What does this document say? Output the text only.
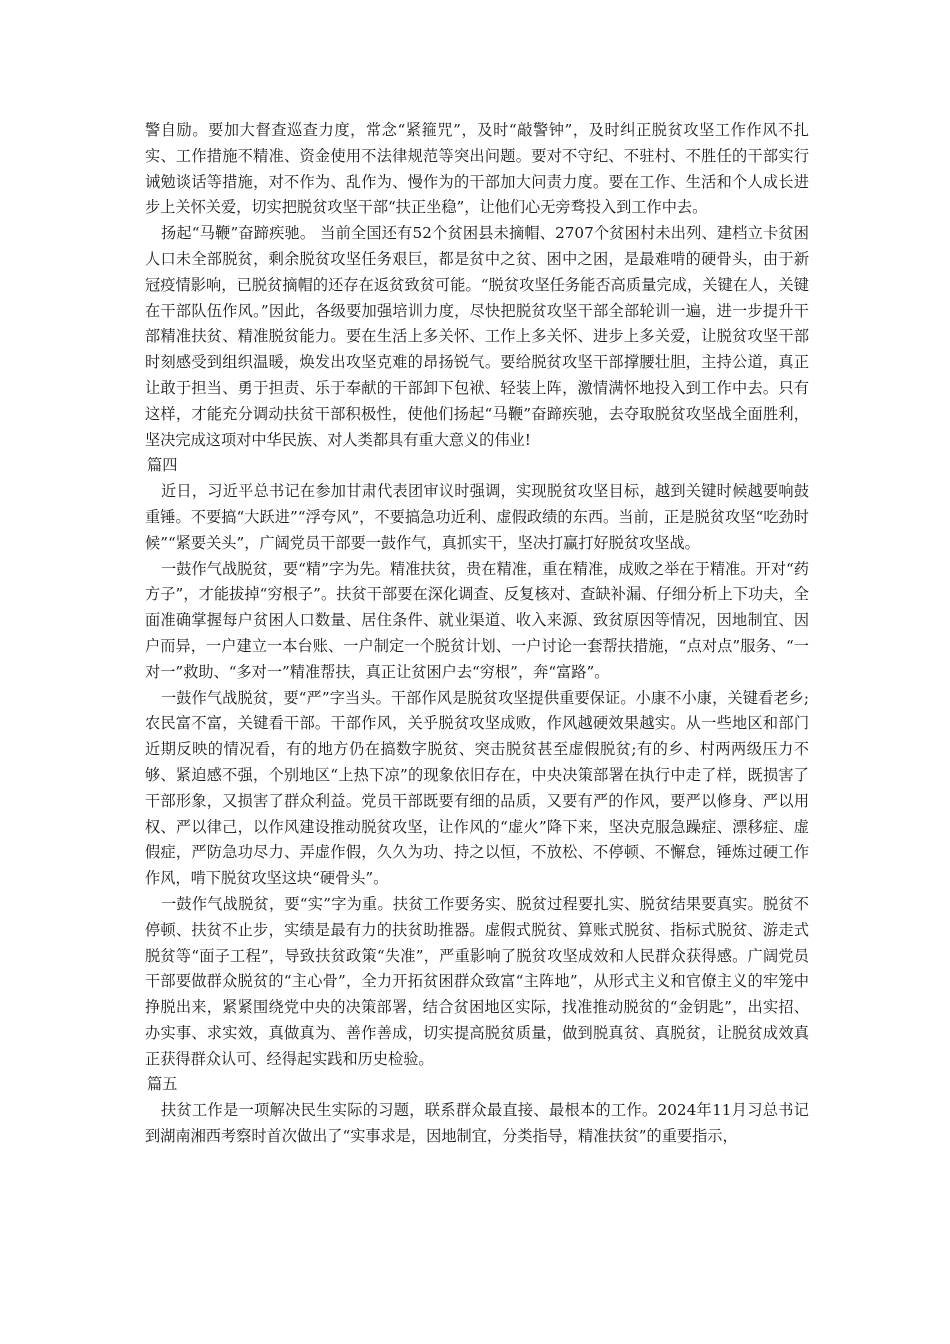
警自励。要加大督查巡查力度，常念“紧箍咒”，及时“敲警钟”，及时纠正脱贫攻坚工作作风不扎实、工作措施不精准、资金使用不法律规范等突出问题。要对不守纪、不驻村、不胜任的干部实行诫勉谈话等措施，对不作为、乱作为、慢作为的干部加大问责力度。要在工作、生活和个人成长进步上关怀关爱，切实把脱贫攻坚干部“扶正坐稳”，让他们心无旁骛投入到工作中去。

扬起“马鞭”奋蹄疾驰。 当前全国还有52个贫困县未摘帽、2707个贫困村未出列、建档立卡贫困人口未全部脱贫，剩余脱贫攻坚任务艰巨，都是贫中之贫、困中之困，是最难啃的硬骨头，由于新冠疫情影响，已脱贫摘帽的还存在返贫致贫可能。“脱贫攻坚任务能否高质量完成，关键在人，关键在干部队伍作风。”因此，各级要加强培训力度，尽快把脱贫攻坚干部全部轮训一遍，进一步提升干部精准扶贫、精准脱贫能力。要在生活上多关怀、工作上多关怀、进步上多关爱，让脱贫攻坚干部时刻感受到组织温暖，焕发出攻坚克难的昂扬锐气。要给脱贫攻坚干部撑腰壮胆，主持公道，真正让敢于担当、勇于担责、乐于奉献的干部卸下包袱、轻装上阵，激情满怀地投入到工作中去。只有这样，才能充分调动扶贫干部积极性，使他们扬起“马鞭”奋蹄疾驰，去夺取脱贫攻坚战全面胜利，坚决完成这项对中华民族、对人类都具有重大意义的伟业!

篇四

近日，习近平总书记在参加甘肃代表团审议时强调，实现脱贫攻坚目标，越到关键时候越要响鼓重锤。不要搞“大跃进”“浮夸风”，不要搞急功近利、虚假政绩的东西。当前，正是脱贫攻坚“吃劲时候”“紧要关头”，广阔党员干部要一鼓作气，真抓实干，坚决打赢打好脱贫攻坚战。

一鼓作气战脱贫，要“精”字为先。精准扶贫，贵在精准，重在精准，成败之举在于精准。开对“药方子”，才能拔掉“穷根子”。扶贫干部要在深化调查、反复核对、查缺补漏、仔细分析上下功夫，全面准确掌握每户贫困人口数量、居住条件、就业渠道、收入来源、致贫原因等情况，因地制宜、因户而异，一户建立一本台账、一户制定一个脱贫计划、一户讨论一套帮扶措施，“点对点”服务、“一对一”救助、“多对一”精准帮扶，真正让贫困户去“穷根”，奔“富路”。

一鼓作气战脱贫，要“严”字当头。干部作风是脱贫攻坚提供重要保证。小康不小康，关键看老乡;农民富不富，关键看干部。干部作风，关乎脱贫攻坚成败，作风越硬效果越实。从一些地区和部门近期反映的情况看，有的地方仍在搞数字脱贫、突击脱贫甚至虚假脱贫;有的乡、村两两级压力不够、紧迫感不强，个别地区“上热下凉”的现象依旧存在，中央决策部署在执行中走了样，既损害了干部形象，又损害了群众利益。党员干部既要有细的品质，又要有严的作风，要严以修身、严以用权、严以律己，以作风建设推动脱贫攻坚，让作风的“虚火”降下来，坚决克服急躁症、漂移症、虚假症，严防急功尽力、弄虚作假，久久为功、持之以恒，不放松、不停顿、不懈怠，锤炼过硬工作作风，啃下脱贫攻坚这块“硬骨头”。

一鼓作气战脱贫，要“实”字为重。扶贫工作要务实、脱贫过程要扎实、脱贫结果要真实。脱贫不停顿、扶贫不止步，实绩是最有力的扶贫助推器。虚假式脱贫、算账式脱贫、指标式脱贫、游走式脱贫等“面子工程”，导致扶贫政策“失准”，严重影响了脱贫攻坚成效和人民群众获得感。广阔党员干部要做群众脱贫的“主心骨”，全力开拓贫困群众致富“主阵地”，从形式主义和官僚主义的牢笼中挣脱出来，紧紧围绕党中央的决策部署，结合贫困地区实际，找准推动脱贫的“金钥匙”，出实招、办实事、求实效，真做真为、善作善成，切实提高脱贫质量，做到脱真贫、真脱贫，让脱贫成效真正获得群众认可、经得起实践和历史检验。

篇五

扶贫工作是一项解决民生实际的习题，联系群众最直接、最根本的工作。2024年11月习总书记到湖南湘西考察时首次做出了“实事求是，因地制宜，分类指导，精准扶贫”的重要指示，
